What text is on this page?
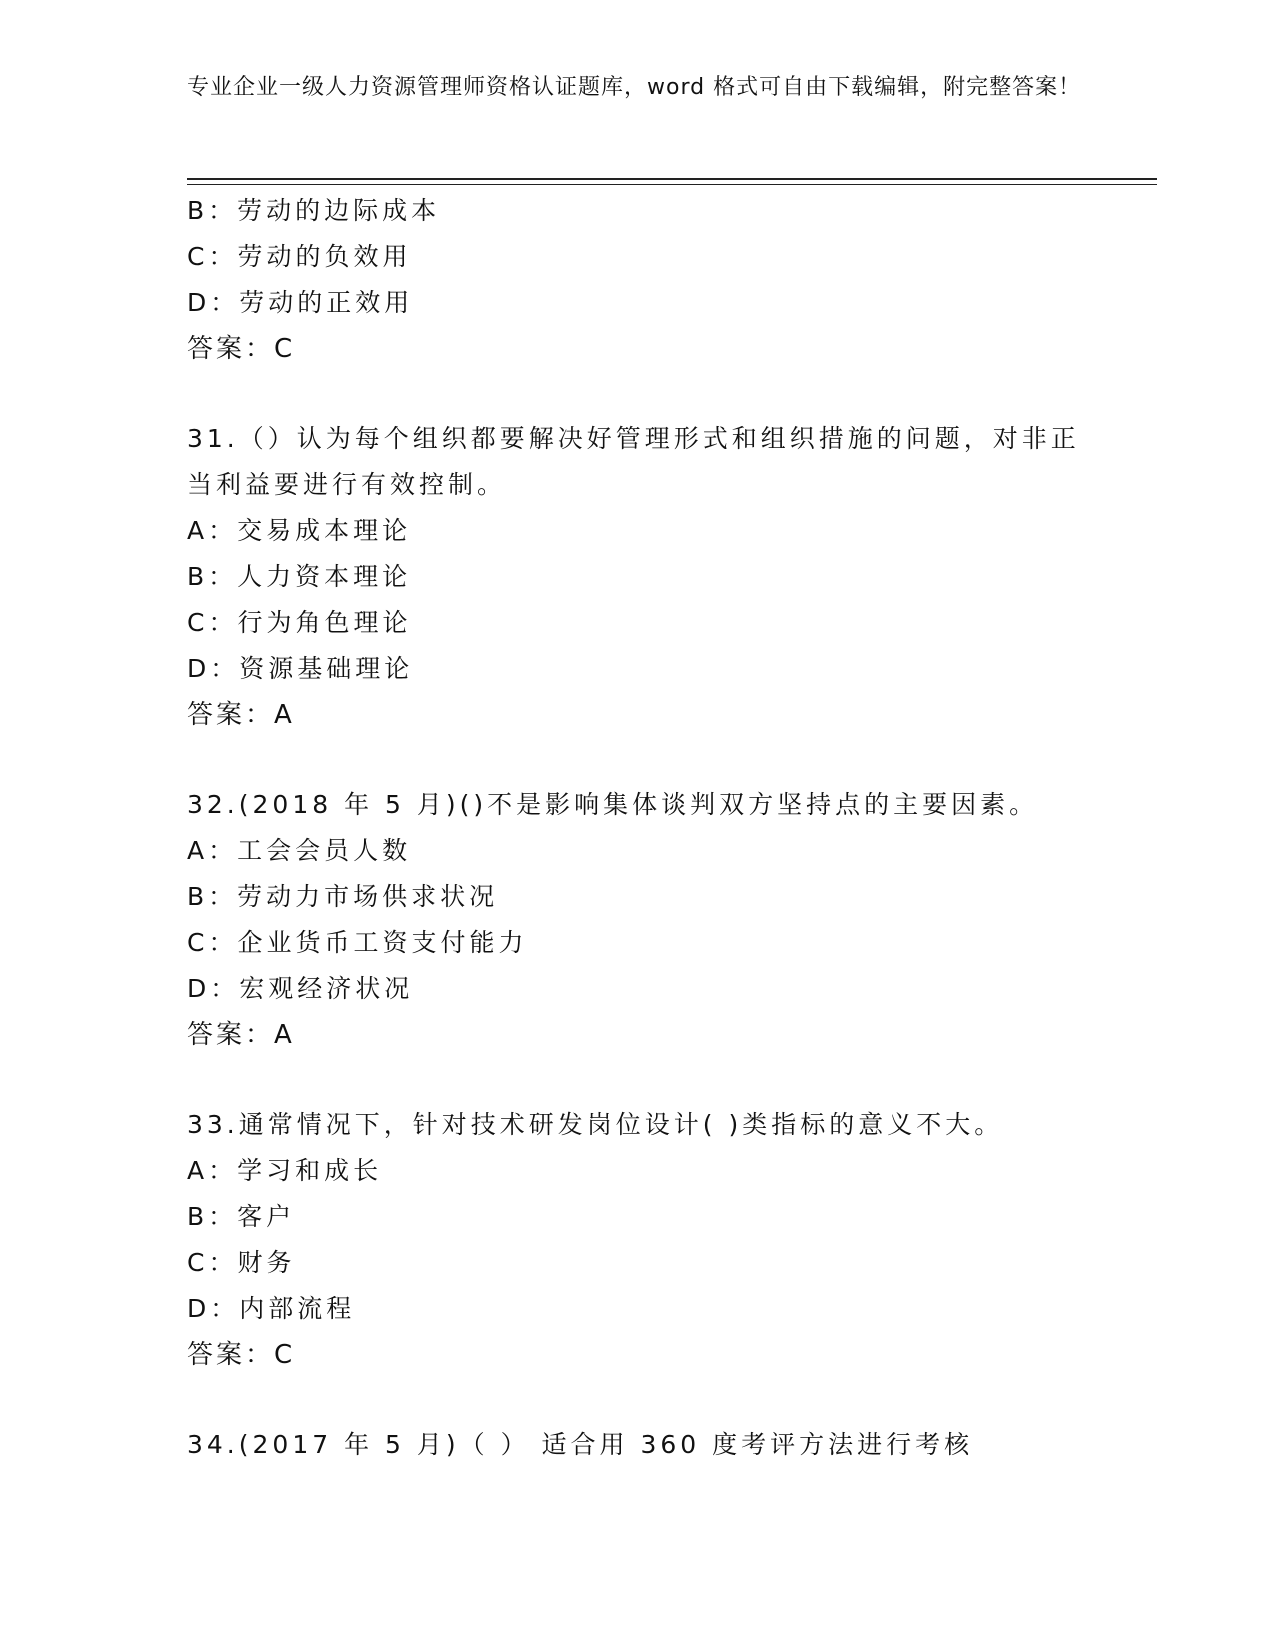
专业企业一级人力资源管理师资格认证题库，word 格式可自由下载编辑，附完整答案！
B：劳动的边际成本
C：劳动的负效用
D：劳动的正效用
答案：C
31.（）认为每个组织都要解决好管理形式和组织措施的问题，对非正当利益要进行有效控制。
A：交易成本理论
B：人力资本理论
C：行为角色理论
D：资源基础理论
答案：A
32.(2018 年 5 月)()不是影响集体谈判双方坚持点的主要因素。
A：工会会员人数
B：劳动力市场供求状况
C：企业货币工资支付能力
D：宏观经济状况
答案：A
33.通常情况下，针对技术研发岗位设计( )类指标的意义不大。
A：学习和成长
B：客户
C：财务
D：内部流程
答案：C
34.(2017 年 5 月)（ ） 适合用 360 度考评方法进行考核
